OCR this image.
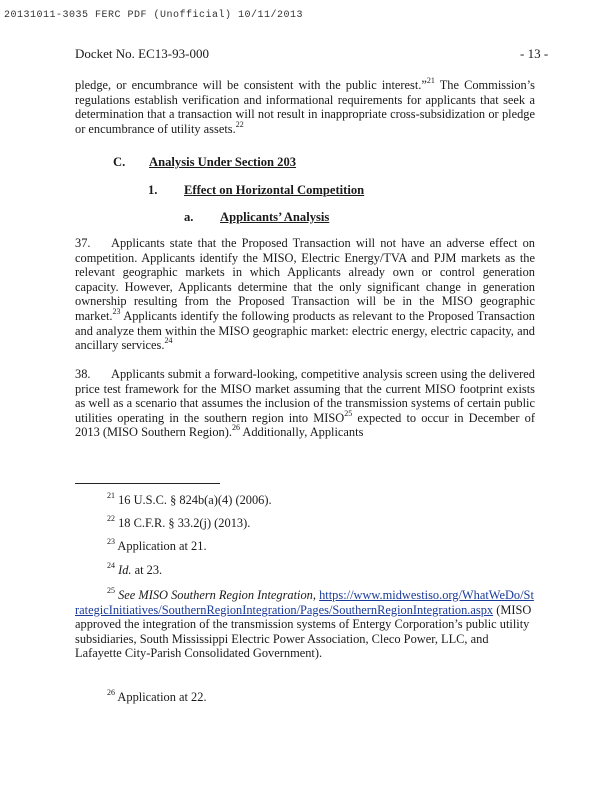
20131011-3035 FERC PDF (Unofficial) 10/11/2013
Docket No. EC13-93-000	- 13 -

pledge, or encumbrance will be consistent with the public interest.”$^{21}$ The Commission’s regulations establish verification and informational requirements for applicants that seek a determination that a transaction will not result in inappropriate cross-subsidization or pledge or encumbrance of utility assets.$^{22}$

C. Analysis Under Section 203
1. Effect on Horizontal Competition
a. Applicants’ Analysis

37. Applicants state that the Proposed Transaction will not have an adverse effect on competition. Applicants identify the MISO, Electric Energy/TVA and PJM markets as the relevant geographic markets in which Applicants already own or control generation capacity. However, Applicants determine that the only significant change in generation ownership resulting from the Proposed Transaction will be in the MISO geographic market.$^{23}$ Applicants identify the following products as relevant to the Proposed Transaction and analyze them within the MISO geographic market: electric energy, electric capacity, and ancillary services.$^{24}$

38. Applicants submit a forward-looking, competitive analysis screen using the delivered price test framework for the MISO market assuming that the current MISO footprint exists as well as a scenario that assumes the inclusion of the transmission systems of certain public utilities operating in the southern region into MISO$^{25}$ expected to occur in December of 2013 (MISO Southern Region).$^{26}$ Additionally, Applicants

$^{21}$ 16 U.S.C. § 824b(a)(4) (2006).

$^{22}$ 18 C.F.R. § 33.2(j) (2013).

$^{23}$ Application at 21.

$^{24}$ Id. at 23.

$^{25}$ See MISO Southern Region Integration, https://www.midwestiso.org/WhatWeDo/StrategicInitiatives/SouthernRegionIntegration/Pages/SouthernRegionIntegration.aspx (MISO approved the integration of the transmission systems of Entergy Corporation’s public utility subsidiaries, South Mississippi Electric Power Association, Cleco Power, LLC, and Lafayette City-Parish Consolidated Government).

$^{26}$ Application at 22.
